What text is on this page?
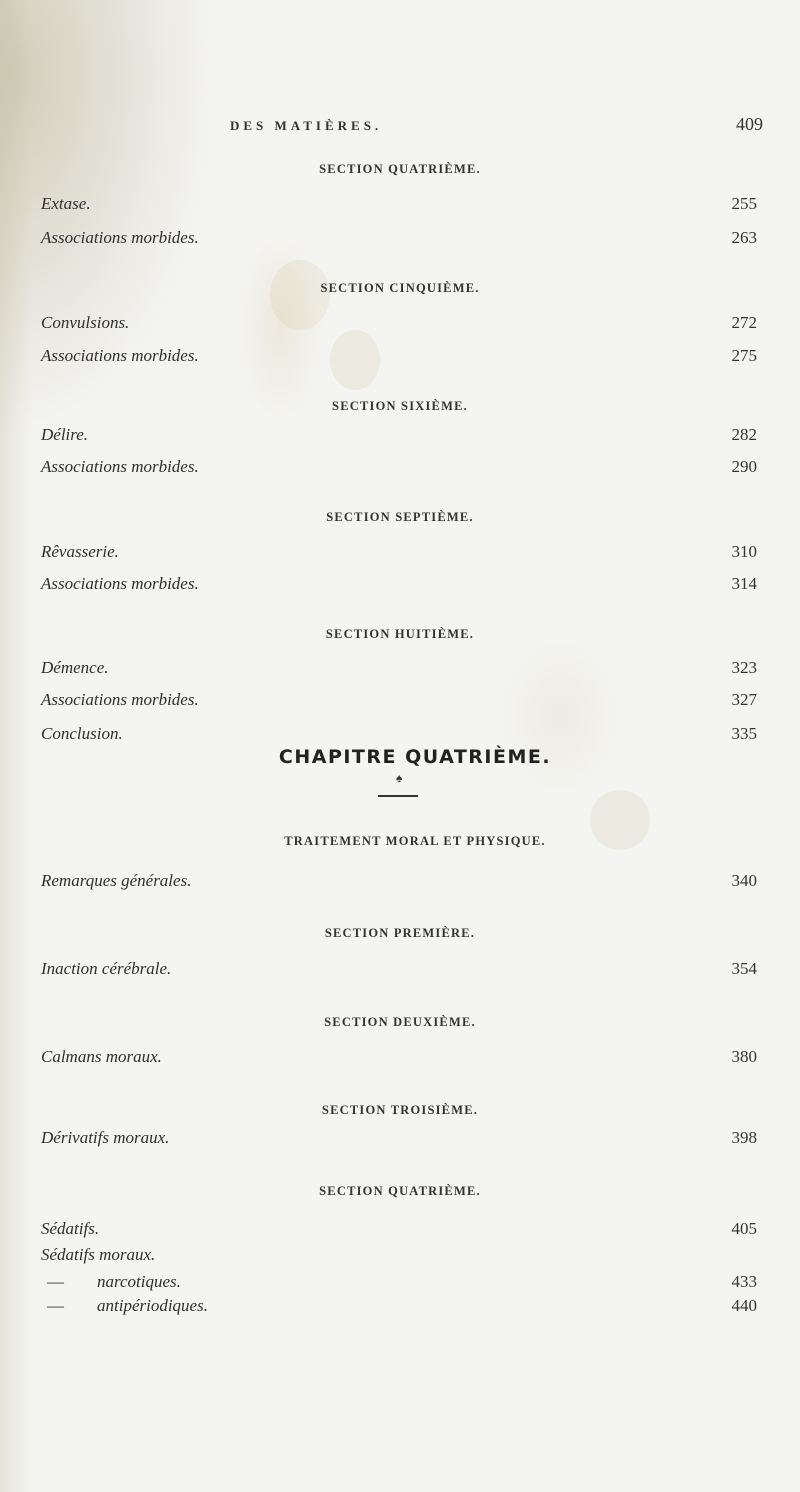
DES MATIÈRES.	409
SECTION QUATRIÈME.
Extase.	255
Associations morbides.	263
SECTION CINQUIÈME.
Convulsions.	272
Associations morbides.	275
SECTION SIXIÈME.
Délire.	282
Associations morbides.	290
SECTION SEPTIÈME.
Rêvasserie.	310
Associations morbides.	314
SECTION HUITIÈME.
Démence.	323
Associations morbides.	327
Conclusion.	335
CHAPITRE QUATRIÈME.
♠
TRAITEMENT MORAL ET PHYSIQUE.
Remarques générales.	340
SECTION PREMIÈRE.
Inaction cérébrale.	354
SECTION DEUXIÈME.
Calmans moraux.	380
SECTION TROISIÈME.
Dérivatifs moraux.	398
SECTION QUATRIÈME.
Sédatifs.	405
Sédatifs moraux.
— narcotiques.	433
— antipériodiques.	440
